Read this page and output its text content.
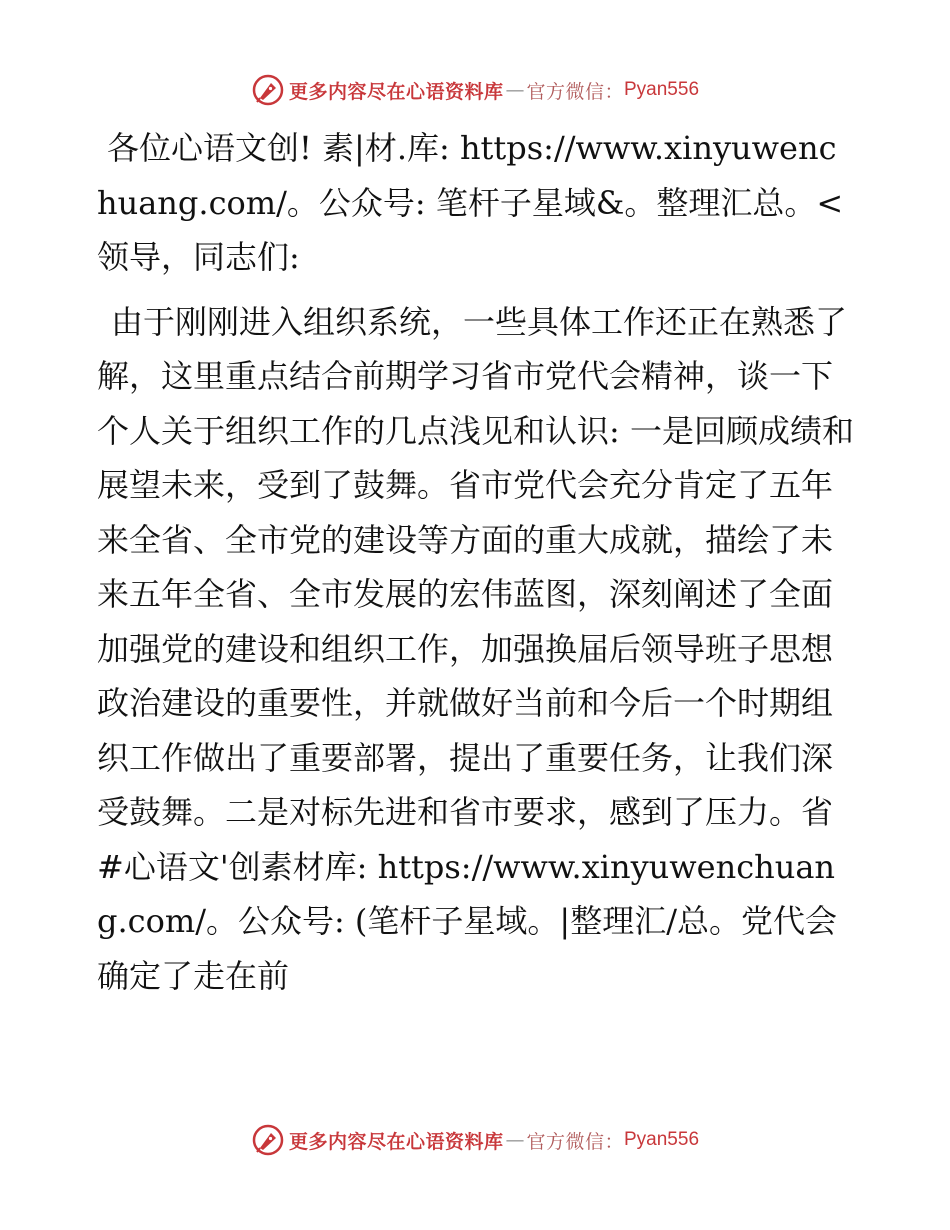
更多内容尽在心语资料库 — 官方微信： Pyan556

各位心语文创! 素|材.库: https://www.xinyuwenchuang.com/。公众号: 笔杆子星域&。整理汇总。<领导，同志们:

由于刚刚进入组织系统，一些具体工作还正在熟悉了解，这里重点结合前期学习省市党代会精神，谈一下个人关于组织工作的几点浅见和认识: 一是回顾成绩和展望未来，受到了鼓舞。省市党代会充分肯定了五年来全省、全市党的建设等方面的重大成就，描绘了未来五年全省、全市发展的宏伟蓝图，深刻阐述了全面加强党的建设和组织工作，加强换届后领导班子思想政治建设的重要性，并就做好当前和今后一个时期组织工作做出了重要部署，提出了重要任务，让我们深受鼓舞。二是对标先进和省市要求，感到了压力。省#心语文'创素材库: https://www.xinyuwenchuang.com/。公众号: (笔杆子星域。|整理汇/总。党代会确定了走在前

更多内容尽在心语资料库 — 官方微信： Pyan556
